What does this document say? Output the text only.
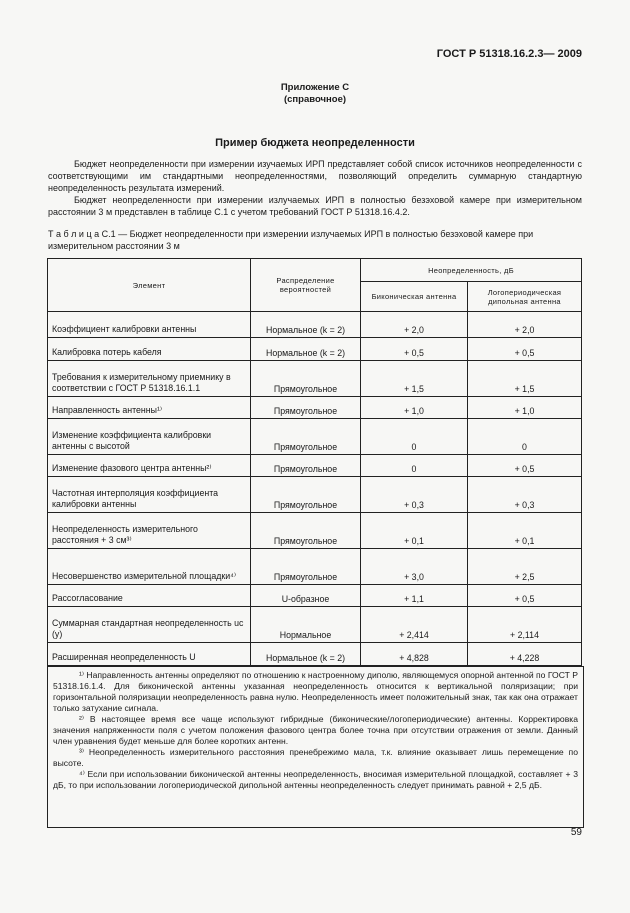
ГОСТ Р 51318.16.2.3— 2009
Приложение С
(справочное)
Пример бюджета неопределенности
Бюджет неопределенности при измерении изучаемых ИРП представляет собой список источников неопределенности с соответствующими им стандартными неопределенностями, позволяющий определить суммарную стандартную неопределенность результата измерений.
Бюджет неопределенности при измерении излучаемых ИРП в полностью безэховой камере при измерительном расстоянии 3 м представлен в таблице С.1 с учетом требований ГОСТ Р 51318.16.4.2.
Т а б л и ц а С.1 — Бюджет неопределенности при измерении излучаемых ИРП в полностью безэховой камере при измерительном расстоянии 3 м
Элемент	Распределение вероятностей	Неопределенность, дБ	
		Биконическая антенна	Логопериодическая дипольная антенна
Коэффициент калибровки антенны	Нормальное (k = 2)	+ 2,0	+ 2,0
Калибровка потерь кабеля	Нормальное (k = 2)	+ 0,5	+ 0,5
Требования к измерительному приемнику в соответствии с ГОСТ Р 51318.16.1.1	Прямоугольное	+ 1,5	+ 1,5
Направленность антенны¹⁾	Прямоугольное	+ 1,0	+ 1,0
Изменение коэффициента калибровки антенны с высотой	Прямоугольное	0	0
Изменение фазового центра антенны²⁾	Прямоугольное	0	+ 0,5
Частотная интерполяция коэффициента калибровки антенны	Прямоугольное	+ 0,3	+ 0,3
Неопределенность измерительного расстояния + 3 см³⁾	Прямоугольное	+ 0,1	+ 0,1
Несовершенство измерительной площадки⁴⁾	Прямоугольное	+ 3,0	+ 2,5
Рассогласование	U-образное	+ 1,1	+ 0,5
Суммарная стандартная неопределенность uc (y)	Нормальное	+ 2,414	+ 2,114
Расширенная неопределенность U	Нормальное (k = 2)	+ 4,828	+ 4,228
¹⁾ Направленность антенны определяют по отношению к настроенному диполю, являющемуся опорной антенной по ГОСТ Р 51318.16.1.4. Для биконической антенны указанная неопределенность относится к вертикальной поляризации; при горизонтальной поляризации неопределенность равна нулю. Неопределенность имеет положительный знак, так как она отражает только затухание сигнала.
²⁾ В настоящее время все чаще используют гибридные (биконические/логопериодические) антенны. Корректировка значения напряженности поля с учетом положения фазового центра более точна при отсутствии отражения от земли. Данный член уравнения будет меньше для более коротких антенн.
³⁾ Неопределенность измерительного расстояния пренебрежимо мала, т.к. влияние оказывает лишь перемещение по высоте.
⁴⁾ Если при использовании биконической антенны неопределенность, вносимая измерительной площадкой, составляет + 3 дБ, то при использовании логопериодической дипольной антенны неопределенность следует принимать равной + 2,5 дБ.
59
